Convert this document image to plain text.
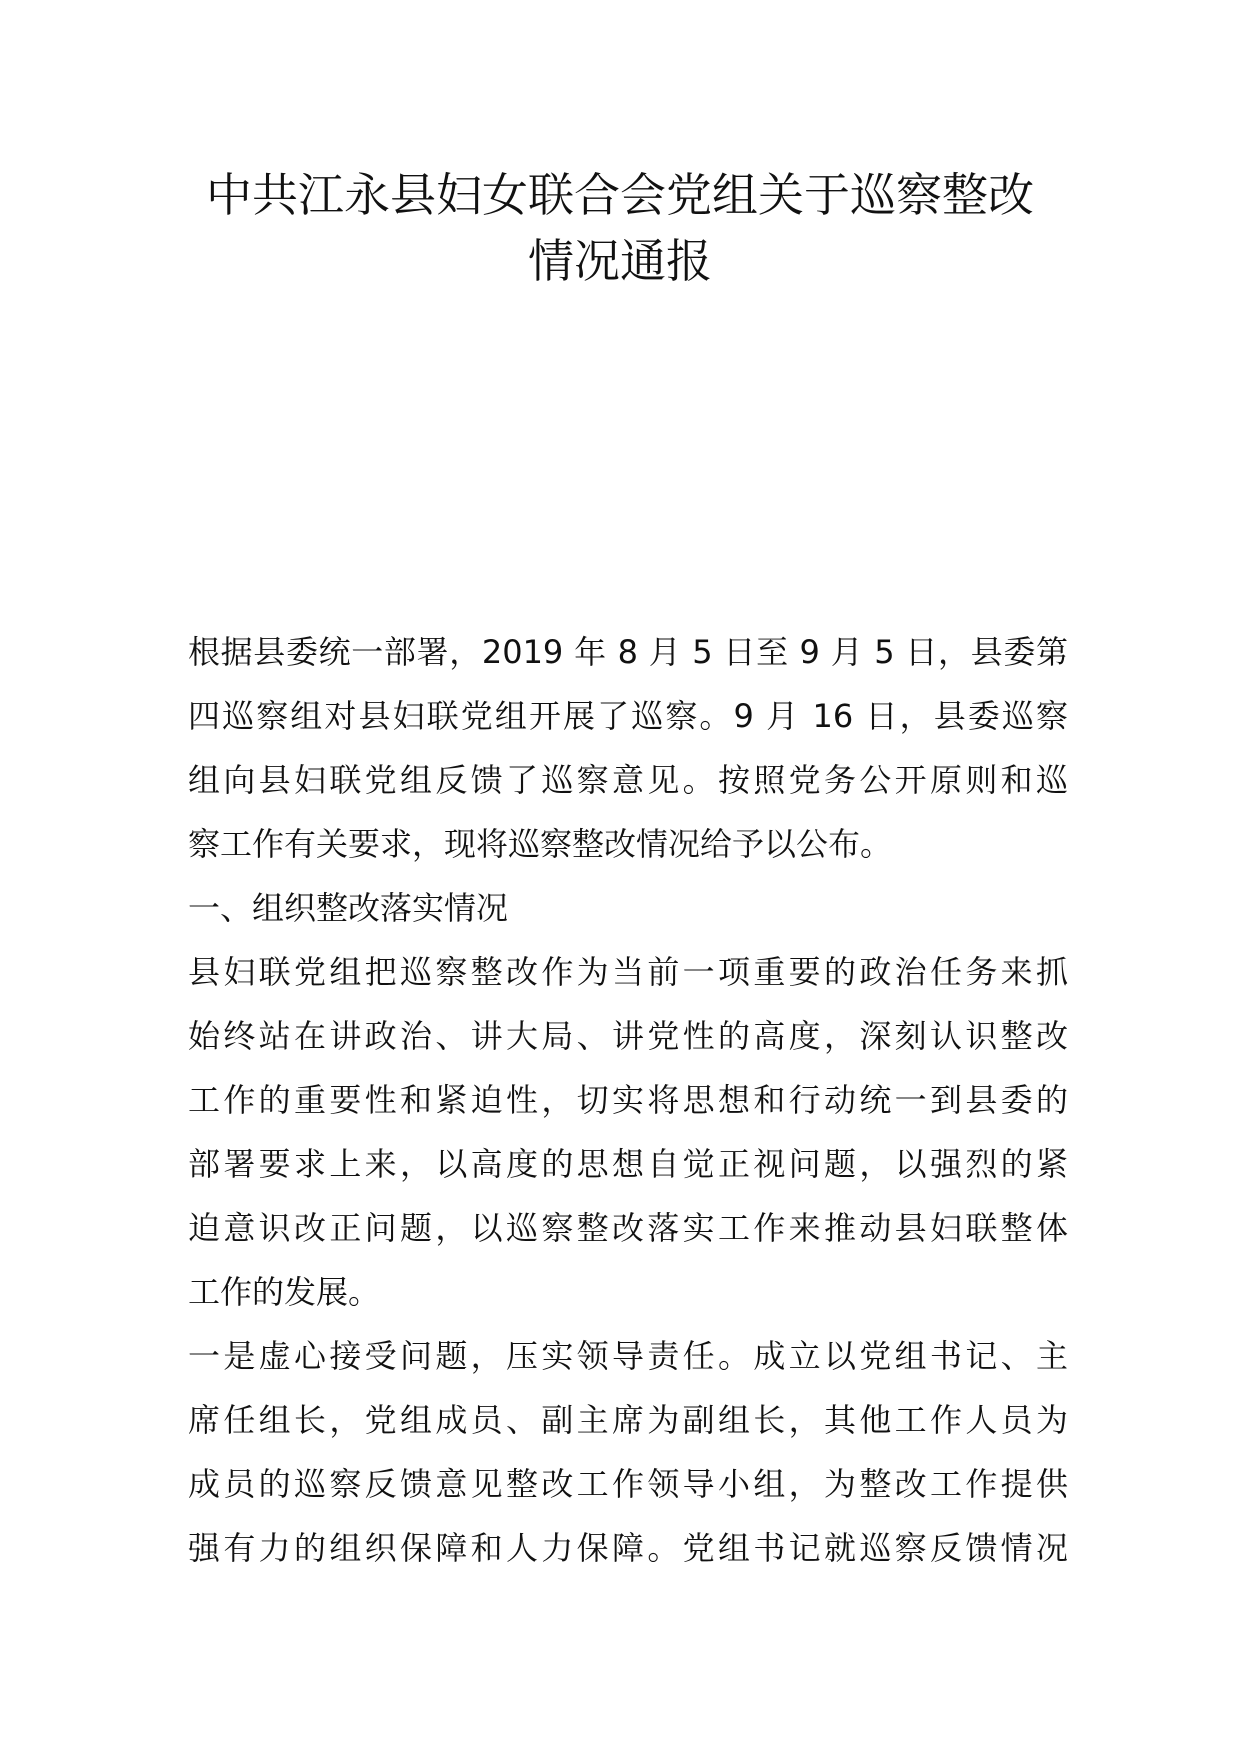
中共江永县妇女联合会党组关于巡察整改
情况通报
根据县委统一部署，2019 年 8 月 5 日至 9 月 5 日，县委第
四巡察组对县妇联党组开展了巡察。9 月 16 日，县委巡察
组向县妇联党组反馈了巡察意见。按照党务公开原则和巡
察工作有关要求，现将巡察整改情况给予以公布。
一、组织整改落实情况
县妇联党组把巡察整改作为当前一项重要的政治任务来抓
始终站在讲政治、讲大局、讲党性的高度，深刻认识整改
工作的重要性和紧迫性，切实将思想和行动统一到县委的
部署要求上来，以高度的思想自觉正视问题，以强烈的紧
迫意识改正问题，以巡察整改落实工作来推动县妇联整体
工作的发展。
一是虚心接受问题，压实领导责任。成立以党组书记、主
席任组长，党组成员、副主席为副组长，其他工作人员为
成员的巡察反馈意见整改工作领导小组，为整改工作提供
强有力的组织保障和人力保障。党组书记就巡察反馈情况
